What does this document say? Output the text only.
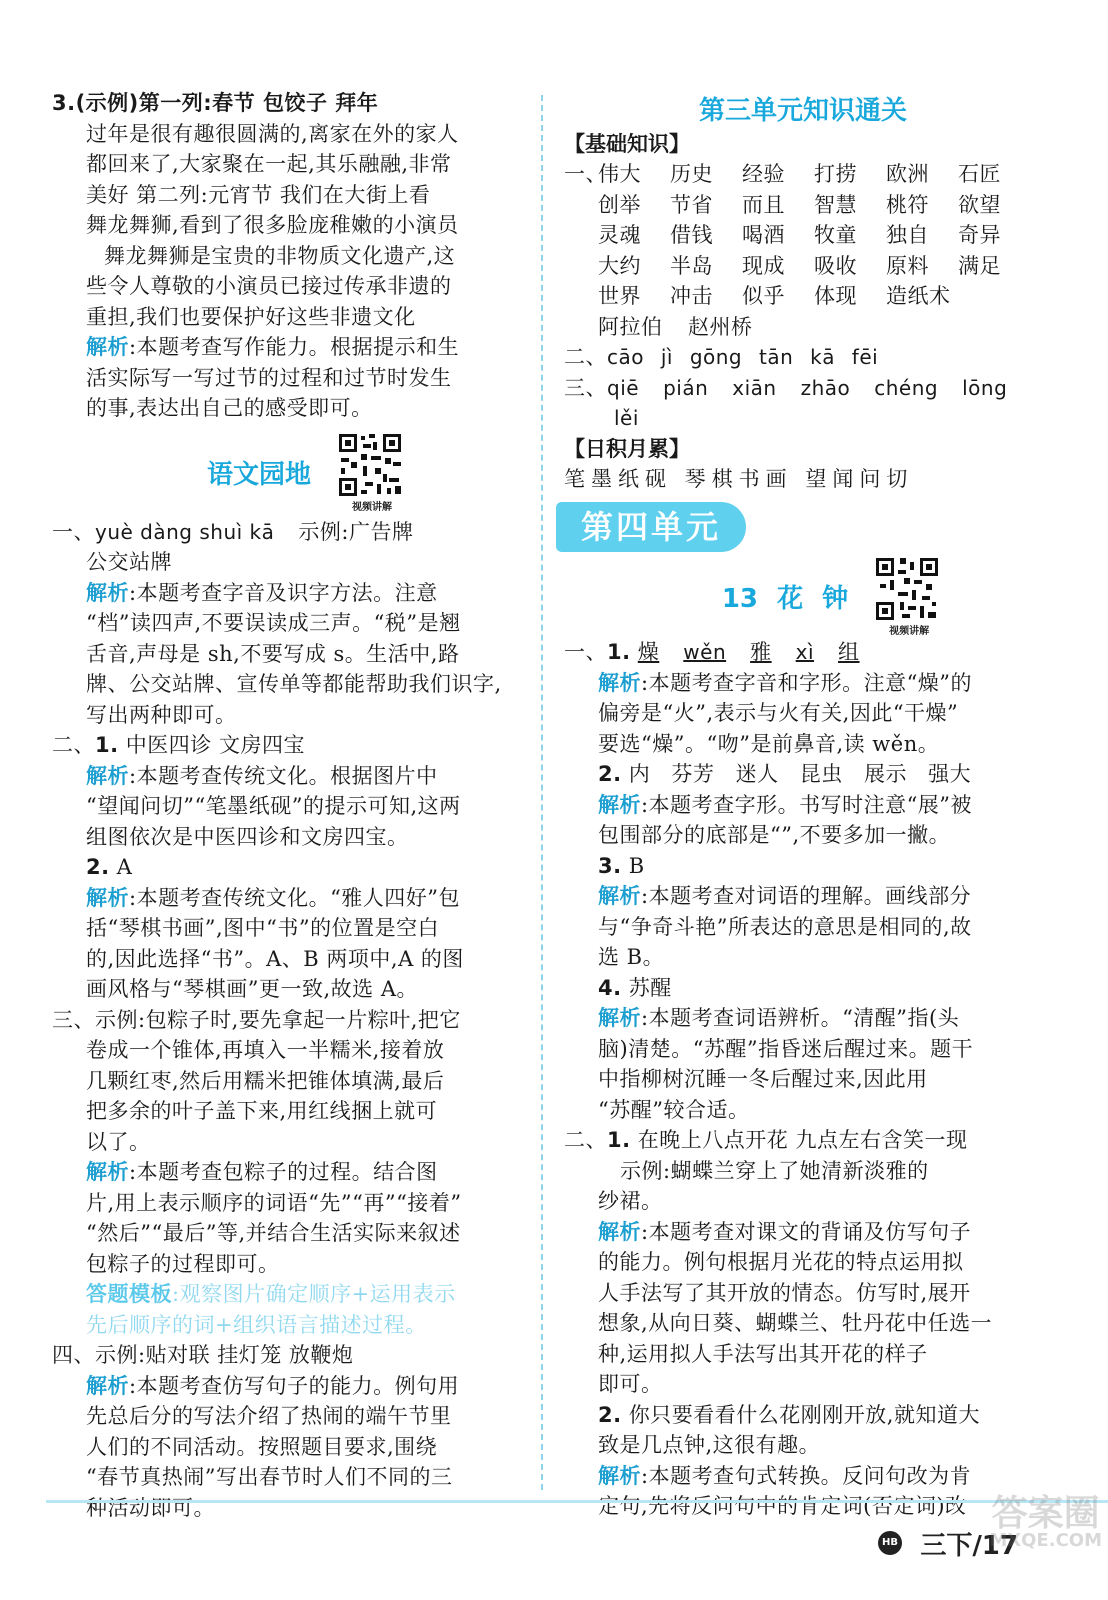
3.(示例)第一列:春节 包饺子 拜年
过年是很有趣很圆满的,离家在外的家人
都回来了,大家聚在一起,其乐融融,非常
美好 第二列:元宵节 我们在大街上看
舞龙舞狮,看到了很多脸庞稚嫩的小演员
舞龙舞狮是宝贵的非物质文化遗产,这
些令人尊敬的小演员已接过传承非遗的
重担,我们也要保护好这些非遗文化
解析:本题考查写作能力。根据提示和生
活实际写一写过节的过程和过节时发生
的事,表达出自己的感受即可。
语文园地
视频讲解
一、yuè dàng shuì kā 示例:广告牌
公交站牌
解析:本题考查字音及识字方法。注意
“档”读四声,不要误读成三声。“税”是翘
舌音,声母是 sh,不要写成 s。生活中,路
牌、公交站牌、宣传单等都能帮助我们识字,
写出两种即可。
二、1. 中医四诊 文房四宝
解析:本题考查传统文化。根据图片中
“望闻问切”“笔墨纸砚”的提示可知,这两
组图依次是中医四诊和文房四宝。
2. A
解析:本题考查传统文化。“雅人四好”包
括“琴棋书画”,图中“书”的位置是空白
的,因此选择“书”。A、B 两项中,A 的图
画风格与“琴棋画”更一致,故选 A。
三、示例:包粽子时,要先拿起一片粽叶,把它
卷成一个锥体,再填入一半糯米,接着放
几颗红枣,然后用糯米把锥体填满,最后
把多余的叶子盖下来,用红线捆上就可
以了。
解析:本题考查包粽子的过程。结合图
片,用上表示顺序的词语“先”“再”“接着”
“然后”“最后”等,并结合生活实际来叙述
包粽子的过程即可。
答题模板:观察图片确定顺序+运用表示
先后顺序的词+组织语言描述过程。
四、示例:贴对联 挂灯笼 放鞭炮
解析:本题考查仿写句子的能力。例句用
先总后分的写法介绍了热闹的端午节里
人们的不同活动。按照题目要求,围绕
“春节真热闹”写出春节时人们不同的三
种活动即可。
第三单元知识通关
【基础知识】
一、伟大 历史 经验 打捞 欧洲 石匠
创举 节省 而且 智慧 桃符 欲望
灵魂 借钱 喝酒 牧童 独自 奇异
大约 半岛 现成 吸收 原料 满足
世界 冲击 似乎 体现 造纸术
阿拉伯 赵州桥
二、cāo jì gōng tān kā fēi
三、qiē pián xiān zhāo chéng lōng
lěi
【日积月累】
笔墨纸砚 琴棋书画 望闻问切
第四单元
13 花 钟
视频讲解
一、1. 燥 wěn 雅 xì 组
解析:本题考查字音和字形。注意“燥”的
偏旁是“火”,表示与火有关,因此“干燥”
要选“燥”。“吻”是前鼻音,读 wěn。
2. 内 芬芳 迷人 昆虫 展示 强大
解析:本题考查字形。书写时注意“展”被
包围部分的底部是“”,不要多加一撇。
3. B
解析:本题考查对词语的理解。画线部分
与“争奇斗艳”所表达的意思是相同的,故
选 B。
4. 苏醒
解析:本题考查词语辨析。“清醒”指(头
脑)清楚。“苏醒”指昏迷后醒过来。题干
中指柳树沉睡一冬后醒过来,因此用
“苏醒”较合适。
二、1. 在晚上八点开花 九点左右含笑一现
示例:蝴蝶兰穿上了她清新淡雅的
纱裙。
解析:本题考查对课文的背诵及仿写句子
的能力。例句根据月光花的特点运用拟
人手法写了其开放的情态。仿写时,展开
想象,从向日葵、蝴蝶兰、牡丹花中任选一
种,运用拟人手法写出其开花的样子
即可。
2. 你只要看看什么花刚刚开放,就知道大
致是几点钟,这很有趣。
解析:本题考查句式转换。反问句改为肯
定句,先将反问句中的肯定词(否定词)改
HB 三下/17
答案圈
MXQE.COM
